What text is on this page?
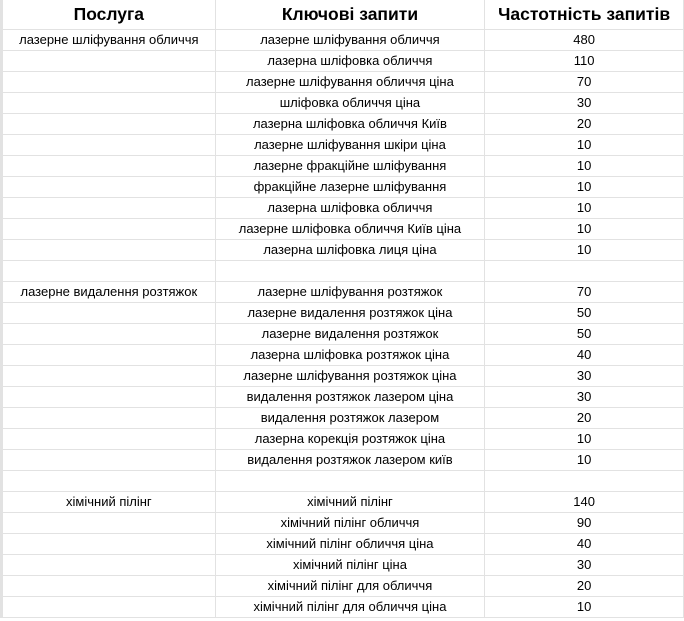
Послуга	Ключові запити	Частотність запитів
лазерне шліфування обличчя	лазерне шліфування обличчя	480
	лазерна шліфовка обличчя	110
	лазерне шліфування обличчя ціна	70
	шліфовка обличчя ціна	30
	лазерна шліфовка обличчя Київ	20
	лазерне шліфування шкіри ціна	10
	лазерне фракційне шліфування	10
	фракційне лазерне шліфування	10
	лазерна шліфовка обличчя	10
	лазерне шліфовка обличчя Київ ціна	10
	лазерна шліфовка лиця ціна	10

лазерне видалення розтяжок	лазерне шліфування розтяжок	70
	лазерне видалення розтяжок ціна	50
	лазерне видалення розтяжок	50
	лазерна шліфовка розтяжок ціна	40
	лазерне шліфування розтяжок ціна	30
	видалення розтяжок лазером ціна	30
	видалення розтяжок лазером	20
	лазерна корекція розтяжок ціна	10
	видалення розтяжок лазером київ	10

хімічний пілінг	хімічний пілінг	140
	хімічний пілінг обличчя	90
	хімічний пілінг обличчя ціна	40
	хімічний пілінг ціна	30
	хімічний пілінг для обличчя	20
	хімічний пілінг для обличчя ціна	10
